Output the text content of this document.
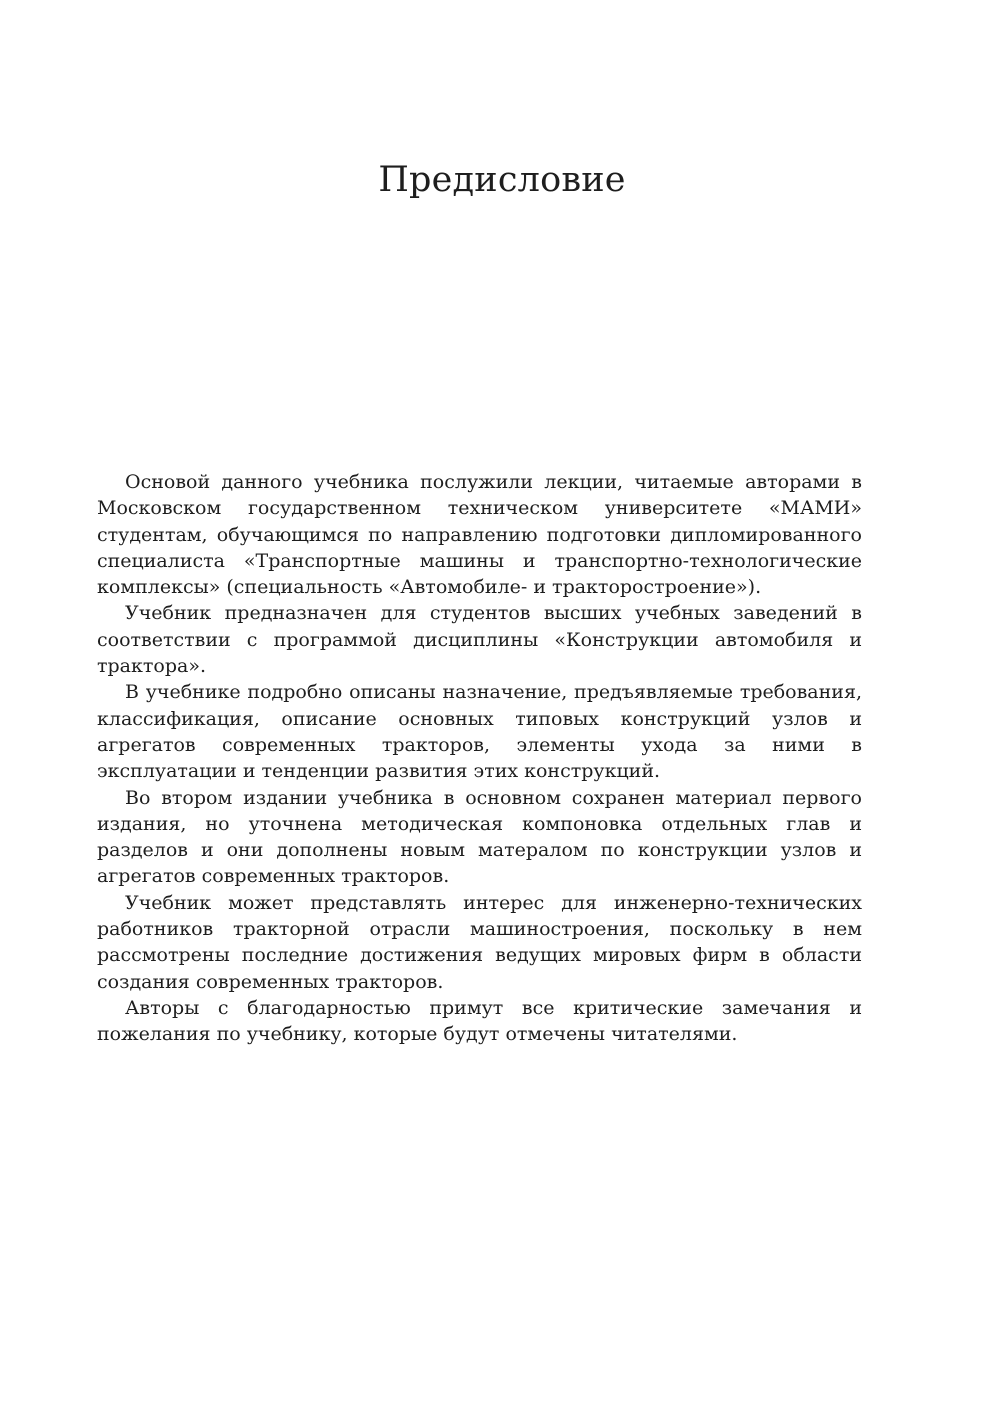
Предисловие

Основой данного учебника послужили лекции, читаемые авторами в Московском государственном техническом университете «МАМИ» студентам, обучающимся по направлению подготовки дипломированного специалиста «Транспортные машины и транспортно-технологические комплексы» (специальность «Автомобиле- и тракторостроение»).

Учебник предназначен для студентов высших учебных заведений в соответствии с программой дисциплины «Конструкции автомобиля и трактора».

В учебнике подробно описаны назначение, предъявляемые требования, классификация, описание основных типовых конструкций узлов и агрегатов современных тракторов, элементы ухода за ними в эксплуатации и тенденции развития этих конструкций.

Во втором издании учебника в основном сохранен материал первого издания, но уточнена методическая компоновка отдельных глав и разделов и они дополнены новым матералом по конструкции узлов и агрегатов современных тракторов.

Учебник может представлять интерес для инженерно-технических работников тракторной отрасли машиностроения, поскольку в нем рассмотрены последние достижения ведущих мировых фирм в области создания современных тракторов.

Авторы с благодарностью примут все критические замечания и пожелания по учебнику, которые будут отмечены читателями.
